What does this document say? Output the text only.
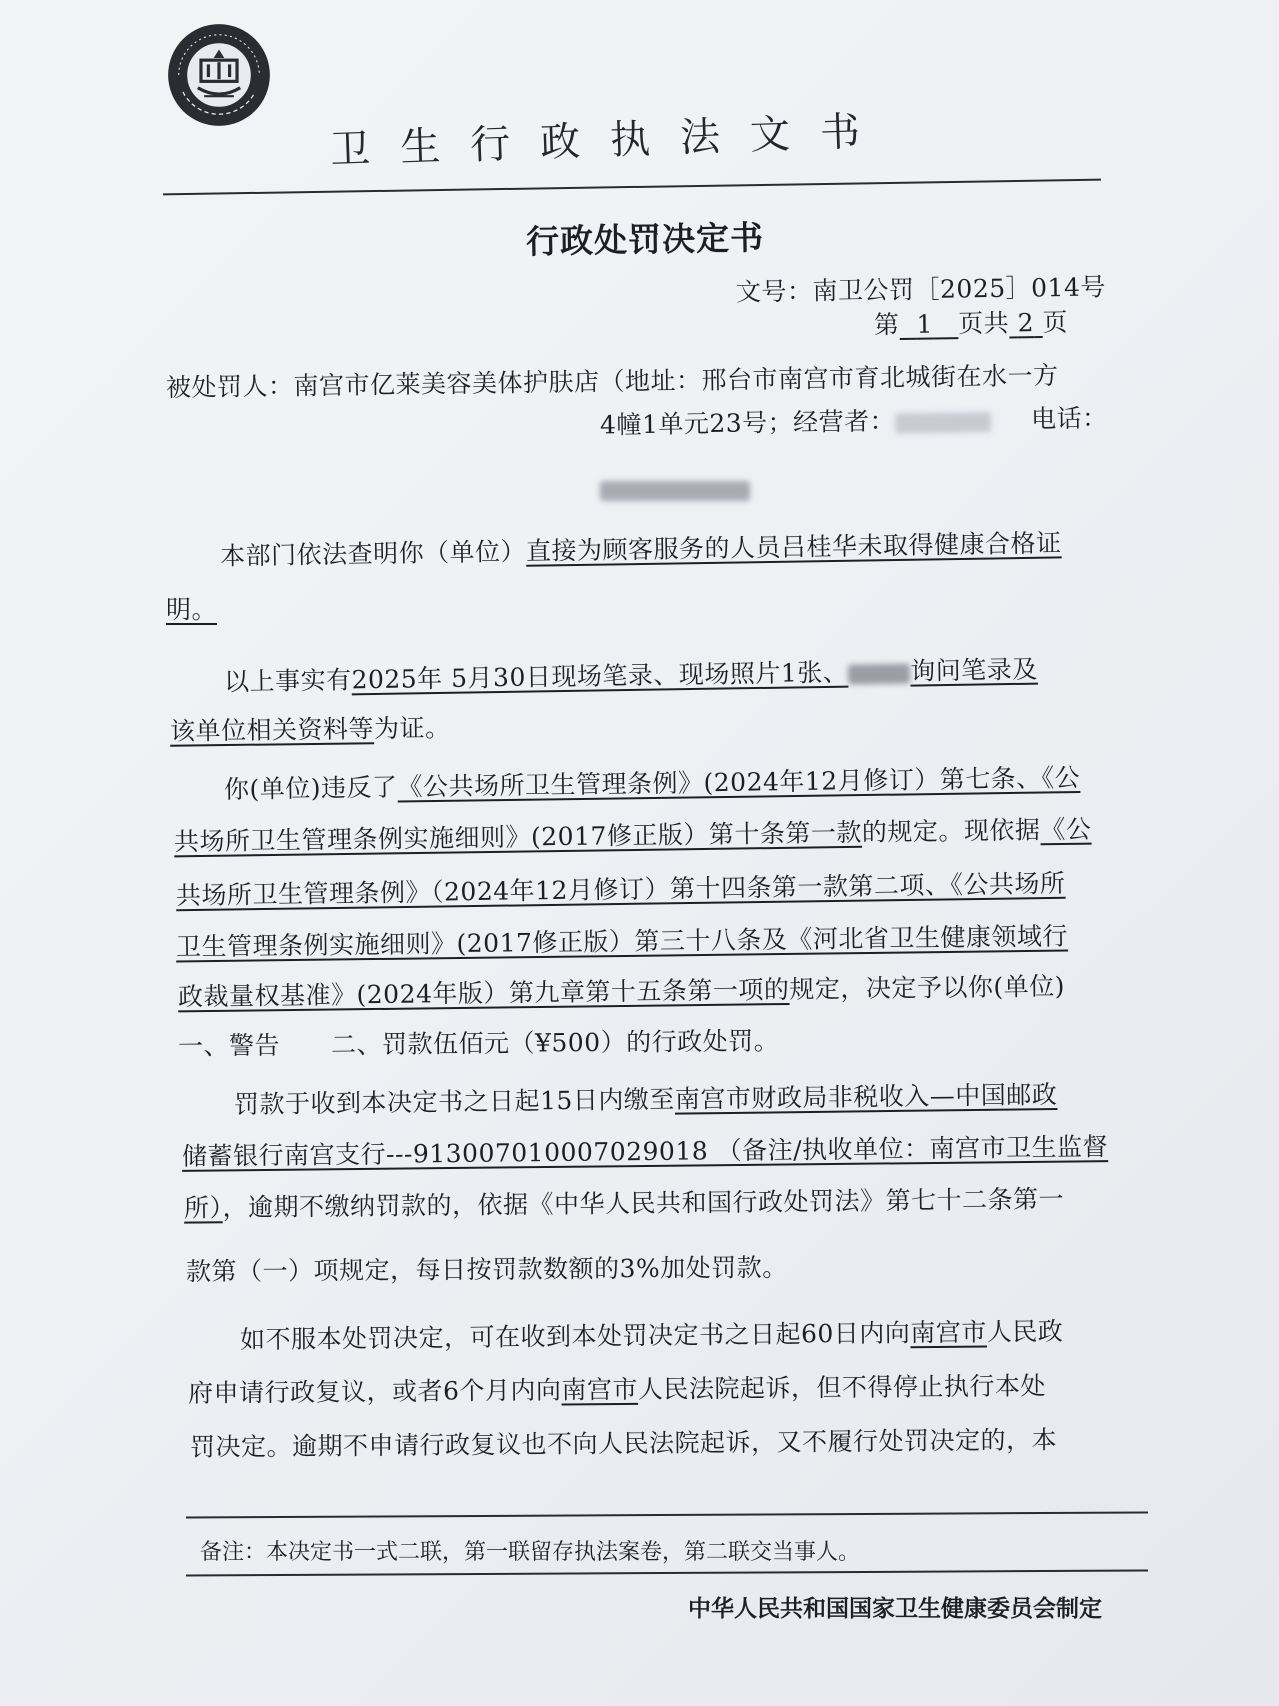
卫生行政执法文书
行政处罚决定书
文号：南卫公罚［2025］014号
第 1 页共 2 页
被处罚人：南宫市亿莱美容美体护肤店（地址：邢台市南宫市育北城街在水一方
4幢1单元23号；经营者：	电话：
本部门依法查明你（单位）直接为顾客服务的人员吕桂华未取得健康合格证
明。
以上事实有2025年 5月30日现场笔录、现场照片1张、 询问笔录及
该单位相关资料等为证。
你(单位)违反了《公共场所卫生管理条例》(2024年12月修订）第七条、《公
共场所卫生管理条例实施细则》(2017修正版）第十条第一款的规定。现依据《公
共场所卫生管理条例》（2024年12月修订）第十四条第一款第二项、《公共场所
卫生管理条例实施细则》(2017修正版）第三十八条及《河北省卫生健康领域行
政裁量权基准》(2024年版）第九章第十五条第一项的规定，决定予以你(单位)
一、警告　　二、罚款伍佰元（¥500）的行政处罚。
罚款于收到本决定书之日起15日内缴至南宫市财政局非税收入—中国邮政
储蓄银行南宫支行---913007010007029018 （备注/执收单位：南宫市卫生监督
所），逾期不缴纳罚款的，依据《中华人民共和国行政处罚法》第七十二条第一
款第（一）项规定，每日按罚款数额的3%加处罚款。
如不服本处罚决定，可在收到本处罚决定书之日起60日内向南宫市人民政
府申请行政复议，或者6个月内向南宫市人民法院起诉，但不得停止执行本处
罚决定。逾期不申请行政复议也不向人民法院起诉，又不履行处罚决定的，本
备注：本决定书一式二联，第一联留存执法案卷，第二联交当事人。
中华人民共和国国家卫生健康委员会制定
